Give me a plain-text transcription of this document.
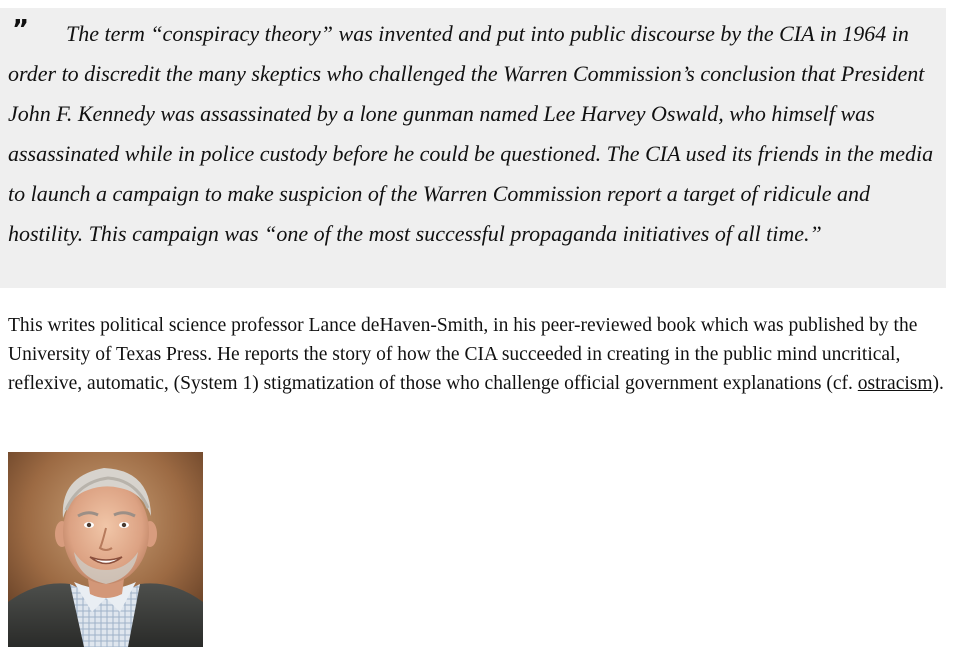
”	The term “conspiracy theory” was invented and put into public discourse by the CIA in 1964 in order to discredit the many skeptics who challenged the Warren Commission’s conclusion that President John F. Kennedy was assassinated by a lone gunman named Lee Harvey Oswald, who himself was assassinated while in police custody before he could be questioned. The CIA used its friends in the media to launch a campaign to make suspicion of the Warren Commission report a target of ridicule and hostility. This campaign was “one of the most successful propaganda initiatives of all time.”

This writes political science professor Lance deHaven-Smith, in his peer-reviewed book which was published by the University of Texas Press. He reports the story of how the CIA succeeded in creating in the public mind uncritical, reflexive, automatic, (System 1) stigmatization of those who challenge official government explanations (cf. ostracism).
